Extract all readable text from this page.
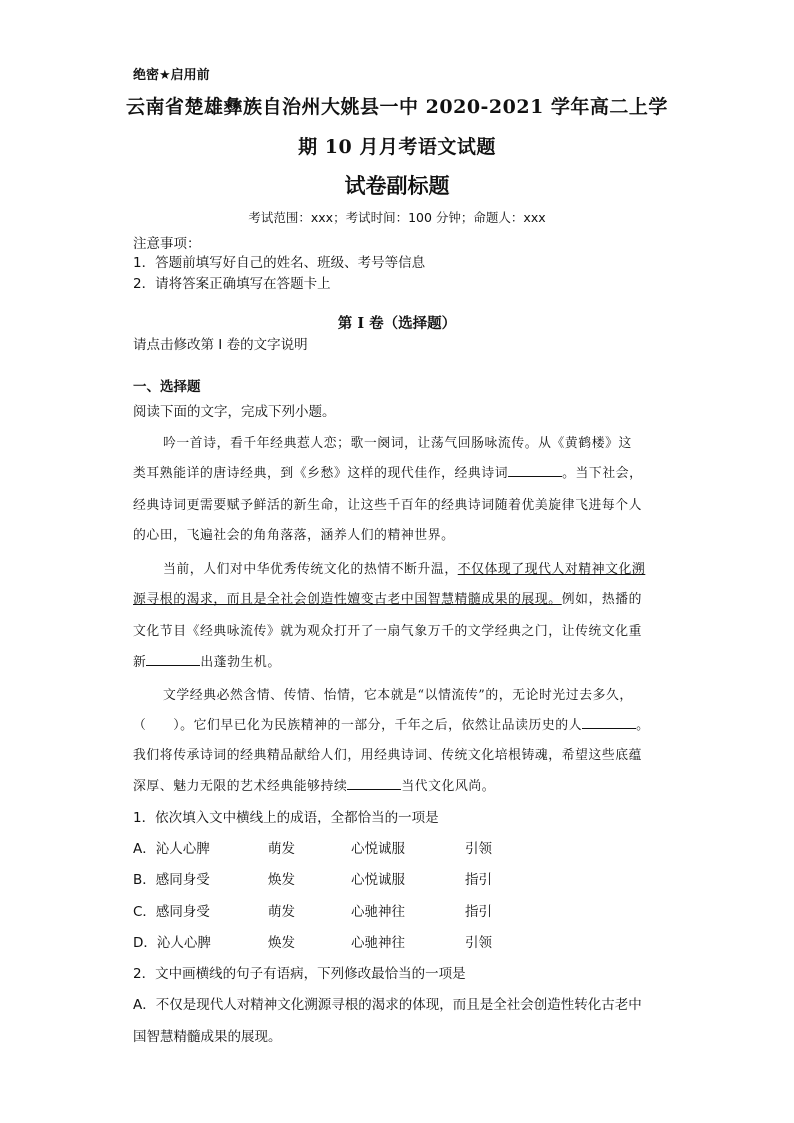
绝密★启用前
云南省楚雄彝族自治州大姚县一中 2020-2021 学年高二上学
期 10 月月考语文试题
试卷副标题
考试范围：xxx；考试时间：100 分钟；命题人：xxx
注意事项：
1．答题前填写好自己的姓名、班级、考号等信息
2．请将答案正确填写在答题卡上
第 I 卷（选择题）
请点击修改第 I 卷的文字说明
一、选择题
阅读下面的文字，完成下列小题。
吟一首诗，看千年经典惹人恋；歌一阕词，让荡气回肠咏流传。从《黄鹤楼》这
类耳熟能详的唐诗经典，到《乡愁》这样的现代佳作，经典诗词	。当下社会，
经典诗词更需要赋予鲜活的新生命，让这些千百年的经典诗词随着优美旋律飞进每个人
的心田，飞遍社会的角角落落，涵养人们的精神世界。
当前，人们对中华优秀传统文化的热情不断升温，不仅体现了现代人对精神文化溯
源寻根的渴求，而且是全社会创造性嬗变古老中国智慧精髓成果的展现。例如，热播的
文化节目《经典咏流传》就为观众打开了一扇气象万千的文学经典之门，让传统文化重
新	出蓬勃生机。
文学经典必然含情、传情、怡情，它本就是“以情流传”的，无论时光过去多久，
（　　）。它们早已化为民族精神的一部分，千年之后，依然让品读历史的人	。
我们将传承诗词的经典精品献给人们，用经典诗词、传统文化培根铸魂，希望这些底蕴
深厚、魅力无限的艺术经典能够持续	当代文化风尚。
1．依次填入文中横线上的成语，全都恰当的一项是
A．沁人心脾	萌发	心悦诚服	引领
B．感同身受	焕发	心悦诚服	指引
C．感同身受	萌发	心驰神往	指引
D．沁人心脾	焕发	心驰神往	引领
2．文中画横线的句子有语病，下列修改最恰当的一项是
A．不仅是现代人对精神文化溯源寻根的渴求的体现，而且是全社会创造性转化古老中
国智慧精髓成果的展现。
